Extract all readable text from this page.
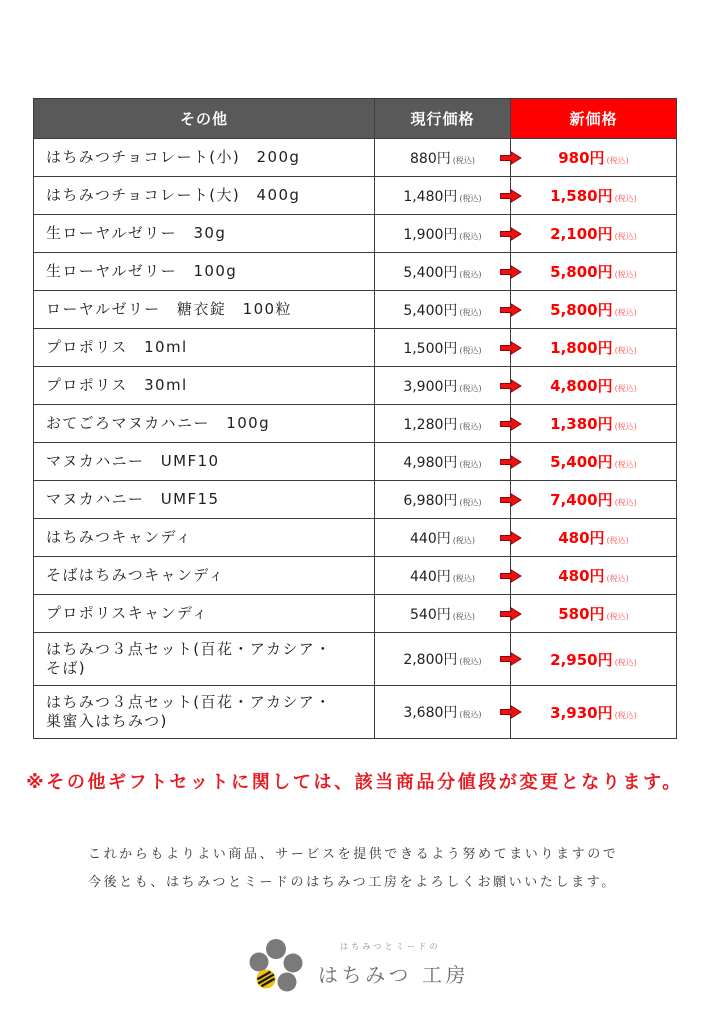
その他	現行価格	新価格
はちみつチョコレート(小)　200g	880円 (税込)	980円 (税込)
はちみつチョコレート(大)　400g	1,480円 (税込)	1,580円 (税込)
生ローヤルゼリー　30g	1,900円 (税込)	2,100円 (税込)
生ローヤルゼリー　100g	5,400円 (税込)	5,800円 (税込)
ローヤルゼリー　糖衣錠　100粒	5,400円 (税込)	5,800円 (税込)
プロポリス　10ml	1,500円 (税込)	1,800円 (税込)
プロポリス　30ml	3,900円 (税込)	4,800円 (税込)
おてごろマヌカハニー　100g	1,280円 (税込)	1,380円 (税込)
マヌカハニー　UMF10	4,980円 (税込)	5,400円 (税込)
マヌカハニー　UMF15	6,980円 (税込)	7,400円 (税込)
はちみつキャンディ	440円 (税込)	480円 (税込)
そばはちみつキャンディ	440円 (税込)	480円 (税込)
プロポリスキャンディ	540円 (税込)	580円 (税込)
はちみつ３点セット(百花・アカシア・
そば)	2,800円 (税込)	2,950円 (税込)
はちみつ３点セット(百花・アカシア・
巣蜜入はちみつ)	3,680円 (税込)	3,930円 (税込)
※その他ギフトセットに関しては、該当商品分値段が変更となります。
これからもよりよい商品、サービスを提供できるよう努めてまいりますので
今後とも、はちみつとミードのはちみつ工房をよろしくお願いいたします。
はちみつとミードの
はちみつ 工房
